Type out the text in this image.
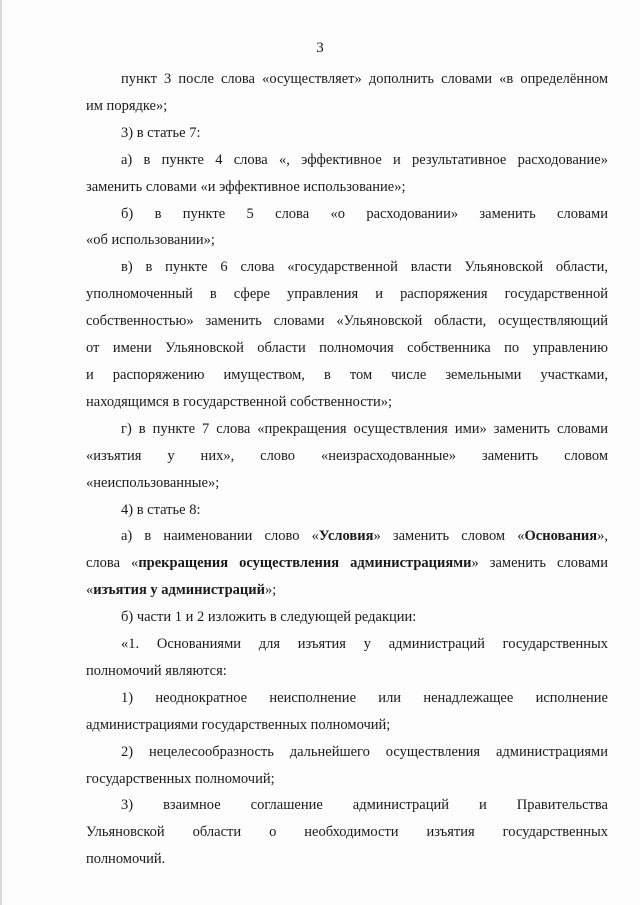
3

пункт 3 после слова «осуществляет» дополнить словами «в определённом

им порядке»;

3) в статье 7:

а) в пункте 4 слова «, эффективное и результативное расходование»

заменить словами «и эффективное использование»;

б) в пункте 5 слова «о расходовании» заменить словами

«об использовании»;

в) в пункте 6 слова «государственной власти Ульяновской области,

уполномоченный в сфере управления и распоряжения государственной

собственностью» заменить словами «Ульяновской области, осуществляющий

от имени Ульяновской области полномочия собственника по управлению

и распоряжению имуществом, в том числе земельными участками,

находящимся в государственной собственности»;

г) в пункте 7 слова «прекращения осуществления ими» заменить словами

«изъятия у них», слово «неизрасходованные» заменить словом

«неиспользованные»;

4) в статье 8:

а) в наименовании слово «Условия» заменить словом «Основания»,

слова «прекращения осуществления администрациями» заменить словами

«изъятия у администраций»;

б) части 1 и 2 изложить в следующей редакции:

«1. Основаниями для изъятия у администраций государственных

полномочий являются:

1) неоднократное неисполнение или ненадлежащее исполнение

администрациями государственных полномочий;

2) нецелесообразность дальнейшего осуществления администрациями

государственных полномочий;

3) взаимное соглашение администраций и Правительства

Ульяновской области о необходимости изъятия государственных

полномочий.
